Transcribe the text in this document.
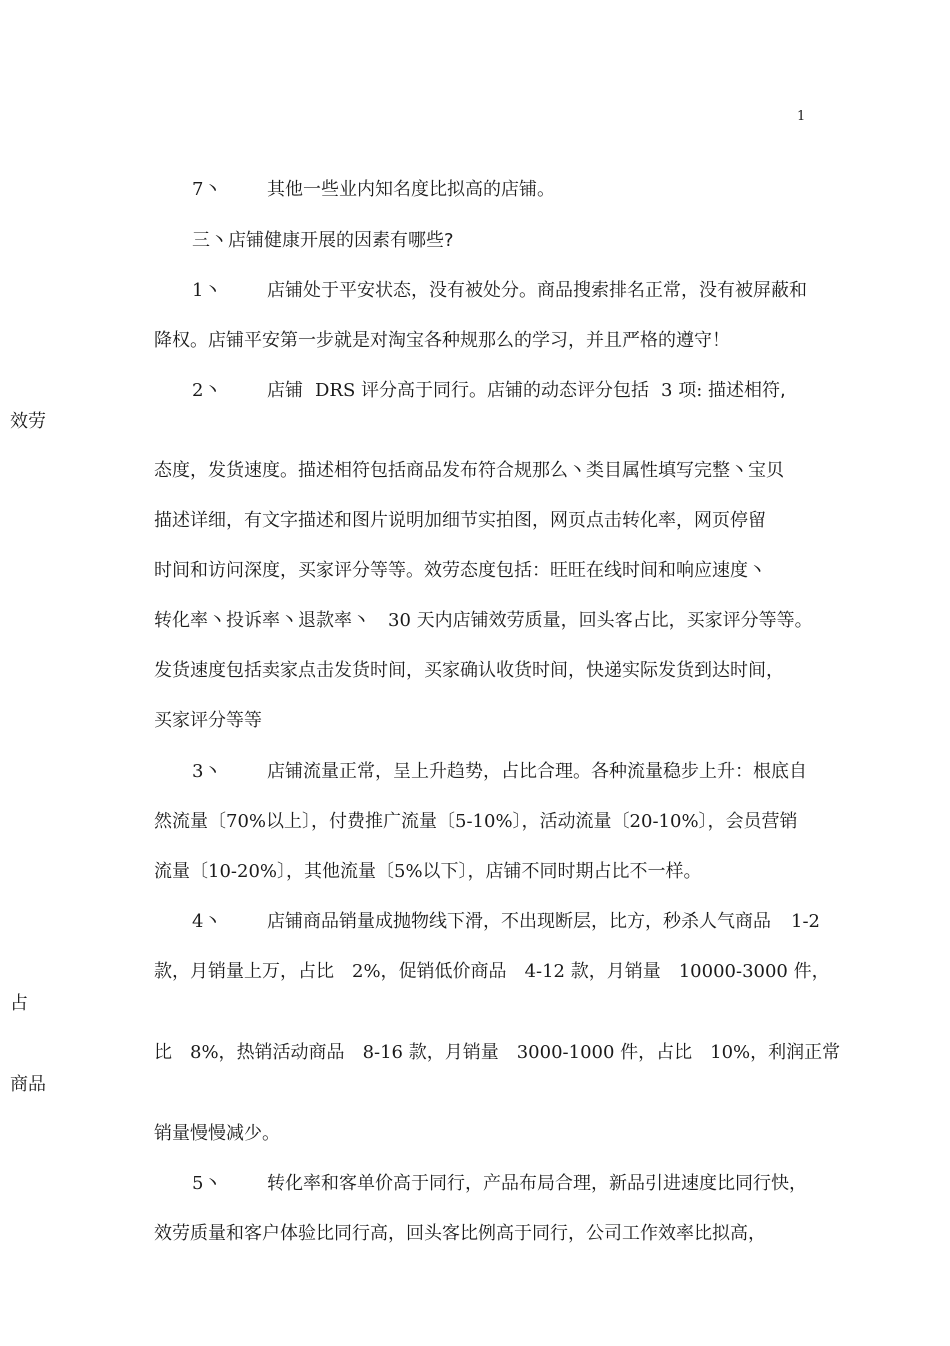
1
7丶	其他一些业内知名度比拟高的店铺。
三丶店铺健康开展的因素有哪些?
1丶	店铺处于平安状态，没有被处分。商品搜索排名正常，没有被屏蔽和
降权。店铺平安第一步就是对淘宝各种规那么的学习，并且严格的遵守！
2丶	店铺 DRS 评分高于同行。店铺的动态评分包括 3 项: 描述相符,
效劳
态度，发货速度。描述相符包括商品发布符合规那么丶类目属性填写完整丶宝贝
描述详细，有文字描述和图片说明加细节实拍图，网页点击转化率，网页停留
时间和访问深度，买家评分等等。效劳态度包括：旺旺在线时间和响应速度丶
转化率丶投诉率丶退款率丶 30 天内店铺效劳质量，回头客占比，买家评分等等。
发货速度包括卖家点击发货时间，买家确认收货时间，快递实际发货到达时间，
买家评分等等
3丶	店铺流量正常，呈上升趋势，占比合理。各种流量稳步上升：根底自
然流量〔70%以上〕，付费推广流量〔5-10%〕，活动流量〔20-10%〕，会员营销
流量〔10-20%〕，其他流量〔5%以下〕，店铺不同时期占比不一样。
4丶	店铺商品销量成抛物线下滑，不出现断层，比方，秒杀人气商品 1-2
款，月销量上万，占比 2%，促销低价商品 4-12 款，月销量 10000-3000 件，
占
比 8%，热销活动商品 8-16 款，月销量 3000-1000 件，占比 10%，利润正常
商品
销量慢慢减少。
5丶	转化率和客单价高于同行，产品布局合理，新品引进速度比同行快，
效劳质量和客户体验比同行高，回头客比例高于同行，公司工作效率比拟高，
